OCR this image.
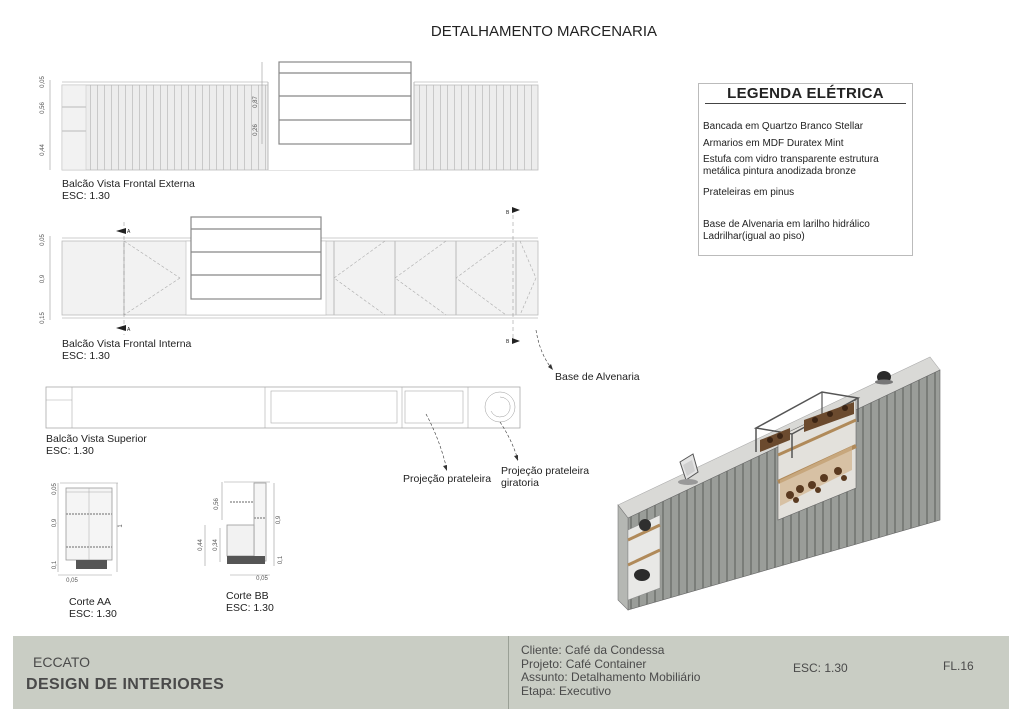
DETALHAMENTO MARCENARIA
0,05
0,56
0,44
0,87
0,26
A
A
B
B
0,05
0,9
0,15
0,05
0,9	1
0,1
0,05
0,56
0,9
0,44 0,34
0,1
0,05
Balcão Vista Frontal Externa
ESC: 1.30
Balcão Vista Frontal Interna
ESC: 1.30
Balcão Vista Superior
ESC: 1.30
Corte AA
ESC: 1.30
Corte BB
ESC: 1.30
Base de Alvenaria
Projeção prateleira
Projeção prateleira
giratoria
LEGENDA ELÉTRICA
Bancada em Quartzo Branco Stellar
Armarios em MDF Duratex Mint
Estufa com vidro transparente estrutura metálica pintura anodizada bronze
Prateleiras em pinus
Base de Alvenaria em larilho hidrálico Ladrilhar(igual ao piso)
ECCATO
DESIGN DE INTERIORES
Cliente: Café da Condessa
Projeto: Café Container
Assunto: Detalhamento Mobiliário
Etapa: Executivo
ESC: 1.30	FL.16
